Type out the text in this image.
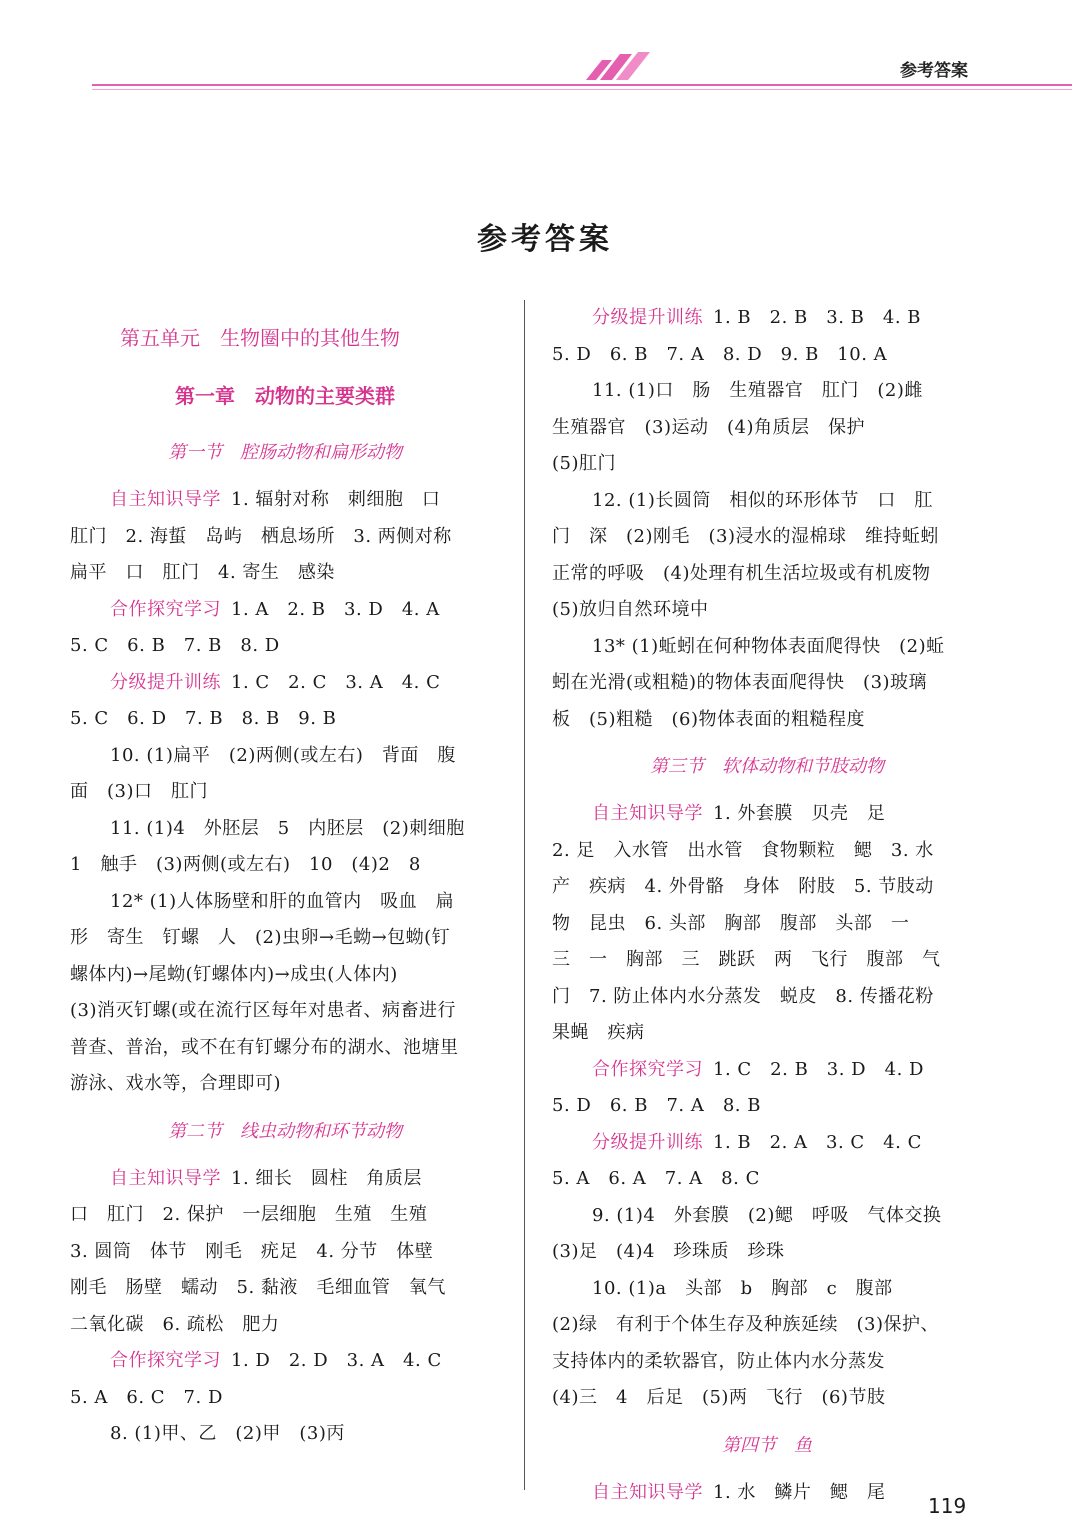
参考答案
参考答案
第五单元　生物圈中的其他生物
第一章　动物的主要类群
第一节　腔肠动物和扁形动物
自主知识导学 1. 辐射对称　刺细胞　口
肛门　2. 海蜇　岛屿　栖息场所　3. 两侧对称
扁平　口　肛门　4. 寄生　感染
合作探究学习 1. A　2. B　3. D　4. A
5. C　6. B　7. B　8. D
分级提升训练 1. C　2. C　3. A　4. C
5. C　6. D　7. B　8. B　9. B
10. (1)扁平　(2)两侧(或左右)　背面　腹
面　(3)口　肛门
11. (1)4　外胚层　5　内胚层　(2)刺细胞
1　触手　(3)两侧(或左右)　10　(4)2　8
12* (1)人体肠壁和肝的血管内　吸血　扁
形　寄生　钉螺　人　(2)虫卵→毛蚴→包蚴(钉
螺体内)→尾蚴(钉螺体内)→成虫(人体内)
(3)消灭钉螺(或在流行区每年对患者、病畜进行
普查、普治，或不在有钉螺分布的湖水、池塘里
游泳、戏水等，合理即可)
第二节　线虫动物和环节动物
自主知识导学 1. 细长　圆柱　角质层
口　肛门　2. 保护　一层细胞　生殖　生殖
3. 圆筒　体节　刚毛　疣足　4. 分节　体壁
刚毛　肠壁　蠕动　5. 黏液　毛细血管　氧气
二氧化碳　6. 疏松　肥力
合作探究学习 1. D　2. D　3. A　4. C
5. A　6. C　7. D
8. (1)甲、乙　(2)甲　(3)丙
分级提升训练 1. B　2. B　3. B　4. B
5. D　6. B　7. A　8. D　9. B　10. A
11. (1)口　肠　生殖器官　肛门　(2)雌
生殖器官　(3)运动　(4)角质层　保护
(5)肛门
12. (1)长圆筒　相似的环形体节　口　肛
门　深　(2)刚毛　(3)浸水的湿棉球　维持蚯蚓
正常的呼吸　(4)处理有机生活垃圾或有机废物
(5)放归自然环境中
13* (1)蚯蚓在何种物体表面爬得快　(2)蚯
蚓在光滑(或粗糙)的物体表面爬得快　(3)玻璃
板　(5)粗糙　(6)物体表面的粗糙程度
第三节　软体动物和节肢动物
自主知识导学 1. 外套膜　贝壳　足
2. 足　入水管　出水管　食物颗粒　鳃　3. 水
产　疾病　4. 外骨骼　身体　附肢　5. 节肢动
物　昆虫　6. 头部　胸部　腹部　头部　一
三　一　胸部　三　跳跃　两　飞行　腹部　气
门　7. 防止体内水分蒸发　蜕皮　8. 传播花粉
果蝇　疾病
合作探究学习 1. C　2. B　3. D　4. D
5. D　6. B　7. A　8. B
分级提升训练 1. B　2. A　3. C　4. C
5. A　6. A　7. A　8. C
9. (1)4　外套膜　(2)鳃　呼吸　气体交换
(3)足　(4)4　珍珠质　珍珠
10. (1)a　头部　b　胸部　c　腹部
(2)绿　有利于个体生存及种族延续　(3)保护、
支持体内的柔软器官，防止体内水分蒸发
(4)三　4　后足　(5)两　飞行　(6)节肢
第四节　鱼
自主知识导学 1. 水　鳞片　鳃　尾
119
